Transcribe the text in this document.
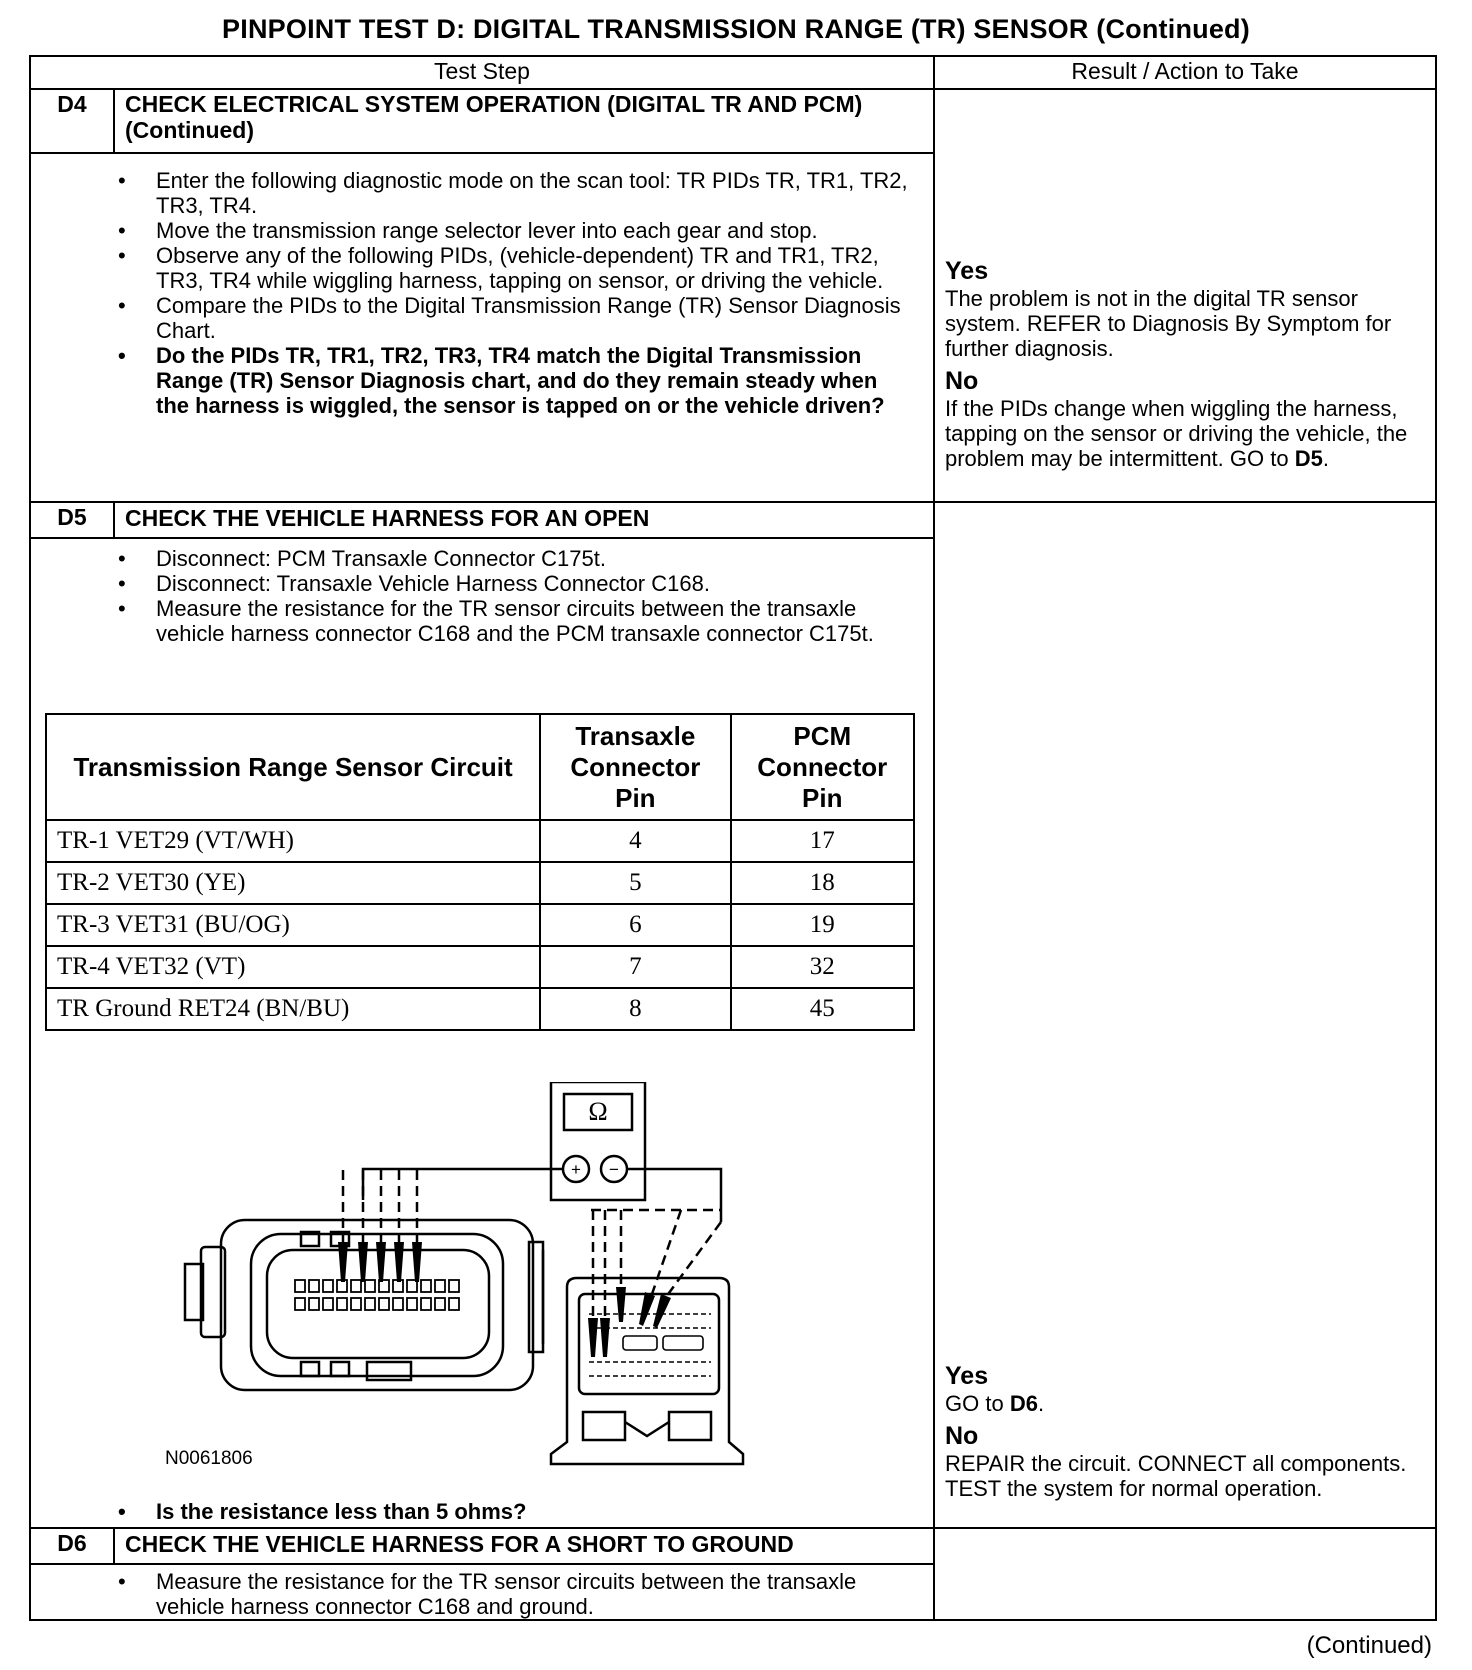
PINPOINT TEST D: DIGITAL TRANSMISSION RANGE (TR) SENSOR (Continued)
Test Step	Result / Action to Take
D4	CHECK ELECTRICAL SYSTEM OPERATION (DIGITAL TR AND PCM) (Continued)
• Enter the following diagnostic mode on the scan tool: TR PIDs TR, TR1, TR2, TR3, TR4.
• Move the transmission range selector lever into each gear and stop.
• Observe any of the following PIDs, (vehicle-dependent) TR and TR1, TR2, TR3, TR4 while wiggling harness, tapping on sensor, or driving the vehicle.
• Compare the PIDs to the Digital Transmission Range (TR) Sensor Diagnosis Chart.
• Do the PIDs TR, TR1, TR2, TR3, TR4 match the Digital Transmission Range (TR) Sensor Diagnosis chart, and do they remain steady when the harness is wiggled, the sensor is tapped on or the vehicle driven?
Yes
The problem is not in the digital TR sensor system. REFER to Diagnosis By Symptom for further diagnosis.
No
If the PIDs change when wiggling the harness, tapping on the sensor or driving the vehicle, the problem may be intermittent. GO to D5.
D5	CHECK THE VEHICLE HARNESS FOR AN OPEN
• Disconnect: PCM Transaxle Connector C175t.
• Disconnect: Transaxle Vehicle Harness Connector C168.
• Measure the resistance for the TR sensor circuits between the transaxle vehicle harness connector C168 and the PCM transaxle connector C175t.
Ω
+ −
N0061806
• Is the resistance less than 5 ohms?
Yes
GO to D6.
No
REPAIR the circuit. CONNECT all components. TEST the system for normal operation.
D6	CHECK THE VEHICLE HARNESS FOR A SHORT TO GROUND
• Measure the resistance for the TR sensor circuits between the transaxle vehicle harness connector C168 and ground.
Transmission Range Sensor Circuit	Transaxle Connector Pin	PCM Connector Pin
TR-1 VET29 (VT/WH)	4	17
TR-2 VET30 (YE)	5	18
TR-3 VET31 (BU/OG)	6	19
TR-4 VET32 (VT)	7	32
TR Ground RET24 (BN/BU)	8	45
(Continued)
